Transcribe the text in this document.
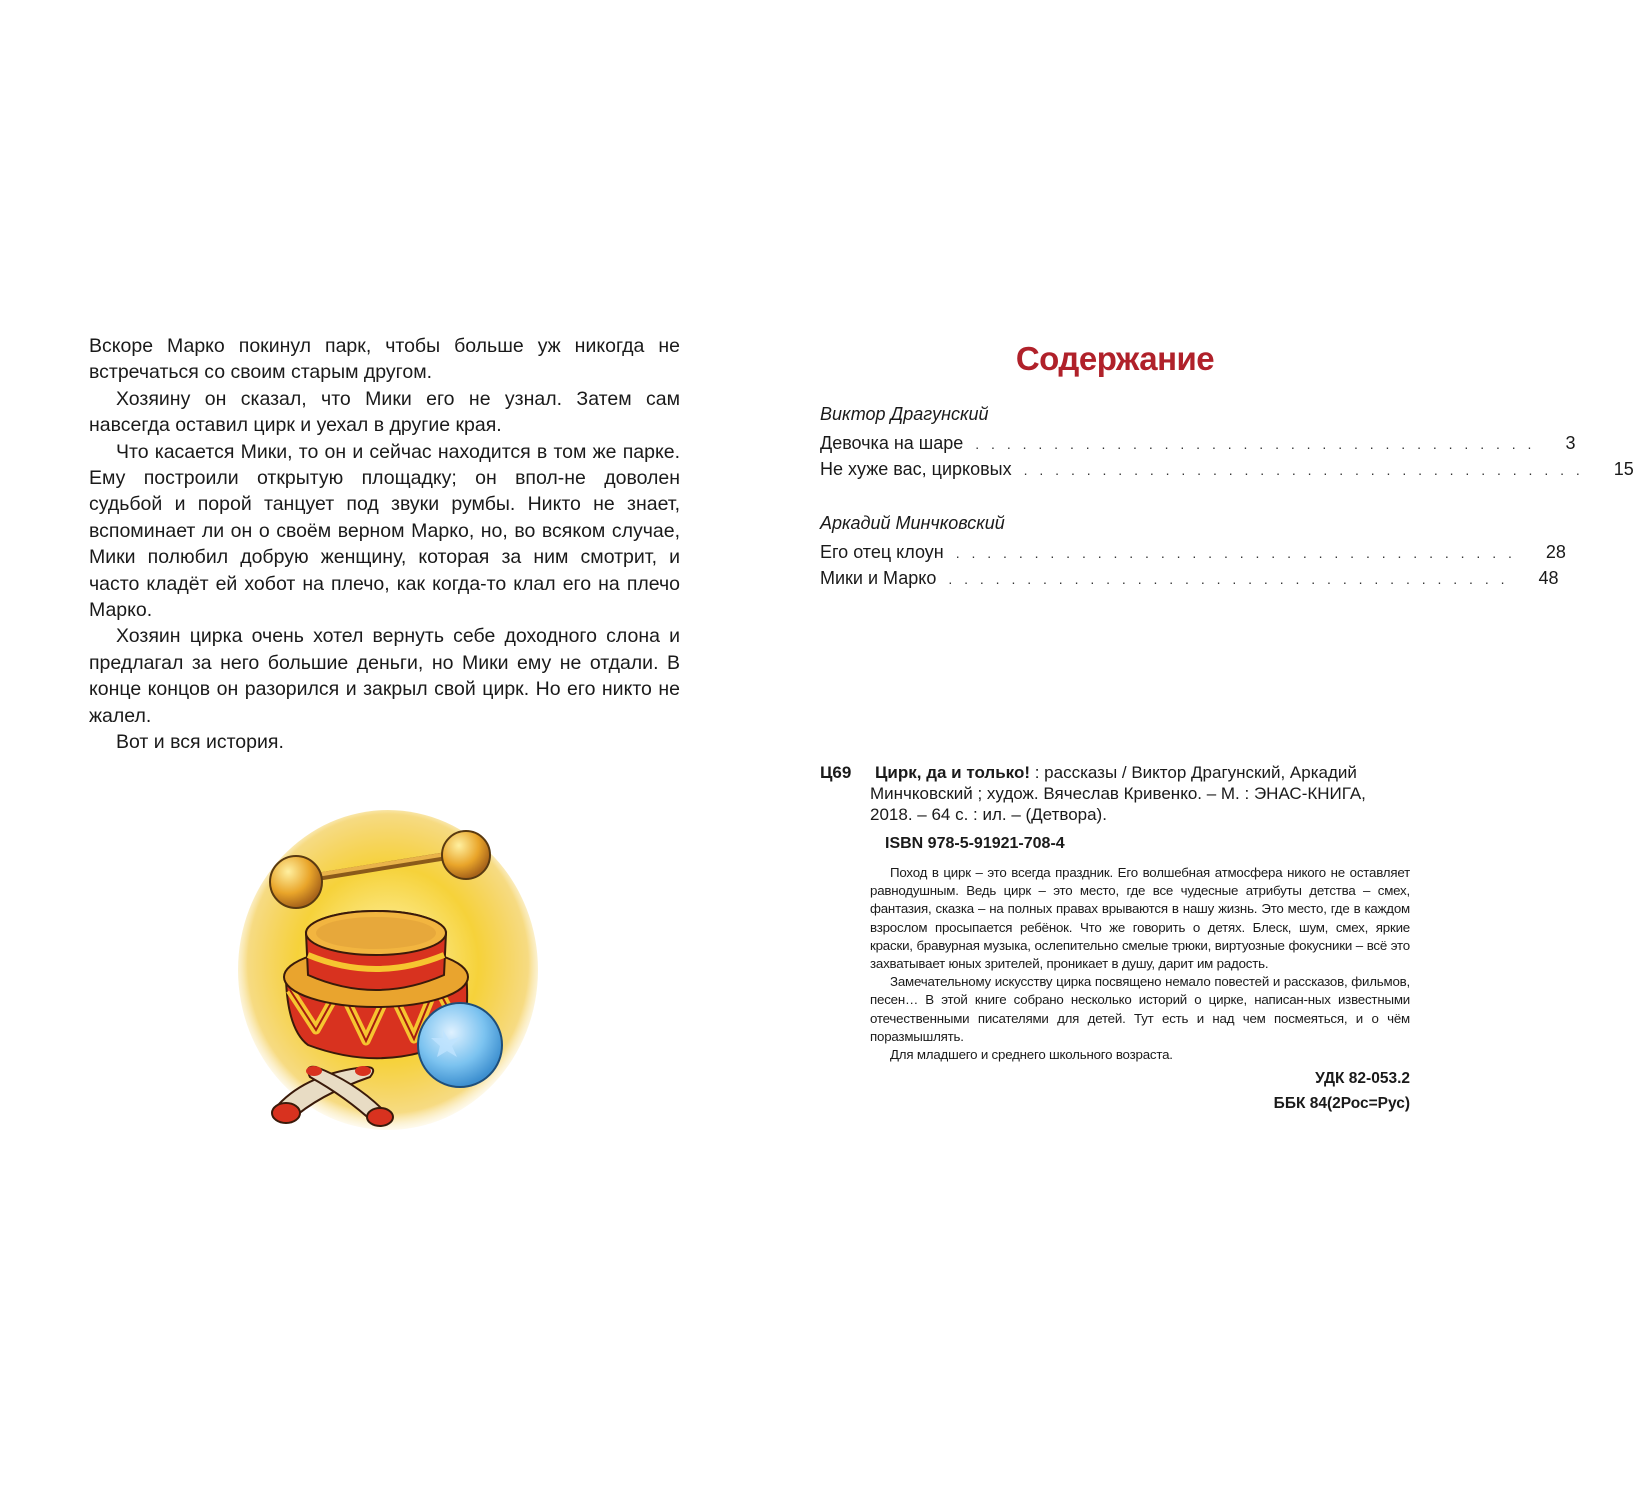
Вскоре Марко покинул парк, чтобы больше уж никогда не встречаться со своим старым другом.

Хозяину он сказал, что Мики его не узнал. Затем сам навсегда оставил цирк и уехал в другие края.

Что касается Мики, то он и сейчас находится в том же парке. Ему построили открытую площадку; он впол-не доволен судьбой и порой танцует под звуки румбы. Никто не знает, вспоминает ли он о своём верном Марко, но, во всяком случае, Мики полюбил добрую женщину, которая за ним смотрит, и часто кладёт ей хобот на плечо, как когда-то клал его на плечо Марко.

Хозяин цирка очень хотел вернуть себе доходного слона и предлагал за него большие деньги, но Мики ему не отдали. В конце концов он разорился и закрыл свой цирк. Но его никто не жалел.

Вот и вся история.

Содержание
Виктор Драгунский
Девочка на шаре . . . . . . . . . . . . . . . . . . . . . . . . . . . . . . . . . . . . 3
Не хуже вас, цирковых . . . . . . . . . . . . . . . . . . . . . . . . . . . . . . . . . . . . 15
Аркадий Минчковский
Его отец клоун . . . . . . . . . . . . . . . . . . . . . . . . . . . . . . . . . . . . 28
Мики и Марко . . . . . . . . . . . . . . . . . . . . . . . . . . . . . . . . . . . . 48
Ц69	Цирк, да и только! : рассказы / Виктор Драгунский, Аркадий
Минчковский ; худож. Вячеслав Кривенко. – М. : ЭНАС-КНИГА,
2018. – 64 с. : ил. – (Детвора).
ISBN 978-5-91921-708-4

Поход в цирк – это всегда праздник. Его волшебная атмосфера никого не оставляет равнодушным. Ведь цирк – это место, где все чудесные атрибуты детства – смех, фантазия, сказка – на полных правах врываются в нашу жизнь. Это место, где в каждом взрослом просыпается ребёнок. Что же говорить о детях. Блеск, шум, смех, яркие краски, бравурная музыка, ослепительно смелые трюки, виртуозные фокусники – всё это захватывает юных зрителей, проникает в душу, дарит им радость.

Замечательному искусству цирка посвящено немало повестей и рассказов, фильмов, песен… В этой книге собрано несколько историй о цирке, написан-ных известными отечественными писателями для детей. Тут есть и над чем посмеяться, и о чём поразмышлять.

Для младшего и среднего школьного возраста.

УДК 82-053.2
ББК 84(2Рос=Рус)
